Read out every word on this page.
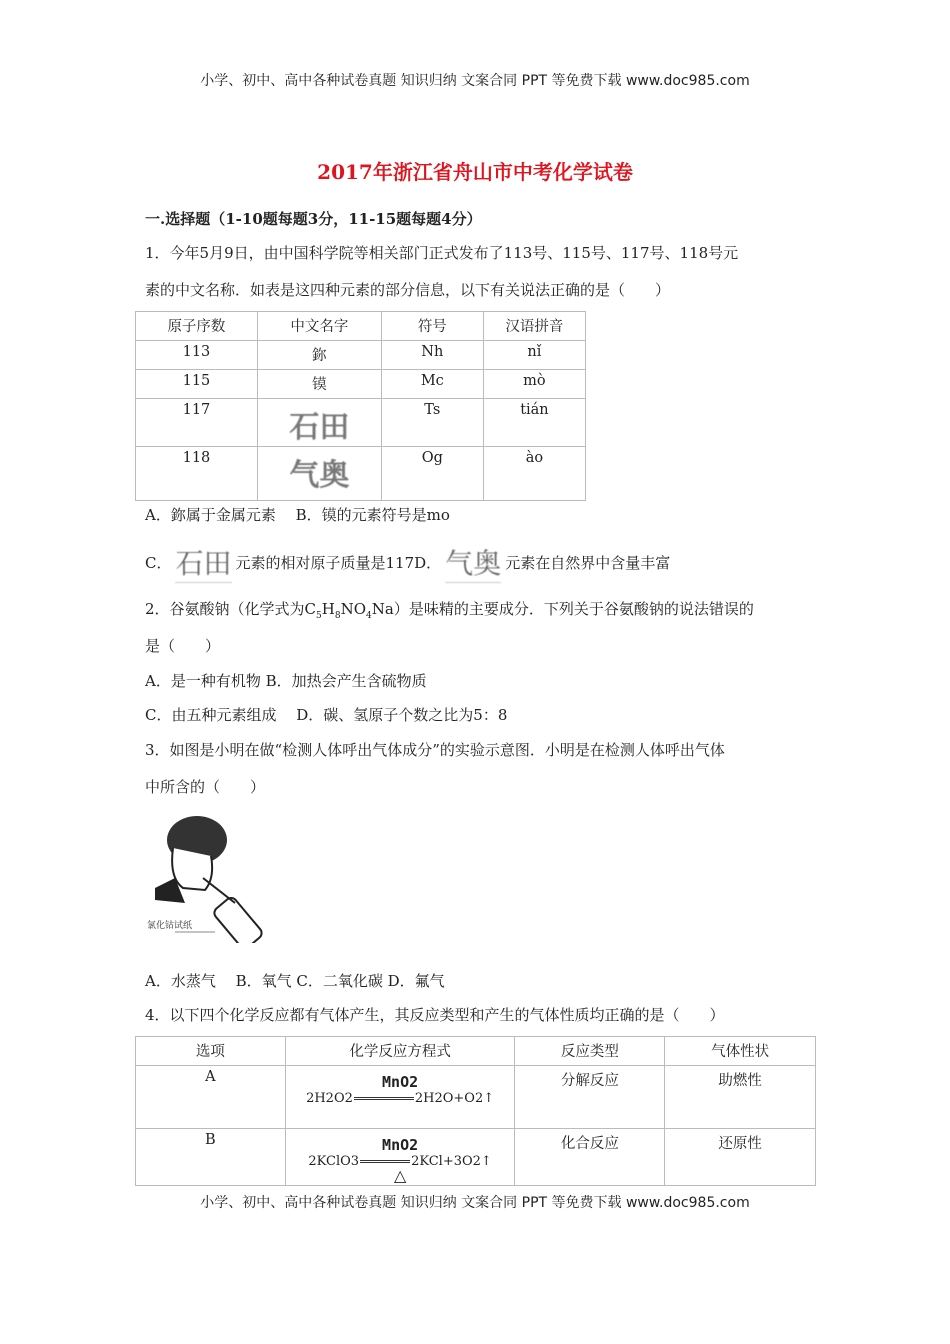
小学、初中、高中各种试卷真题 知识归纳 文案合同 PPT 等免费下载 www.doc985.com
2017年浙江省舟山市中考化学试卷
一.选择题（1-10题每题3分，11-15题每题4分）
1．今年5月9日，由中国科学院等相关部门正式发布了113号、115号、117号、118号元
素的中文名称．如表是这四种元素的部分信息，以下有关说法正确的是（　　）
原子序数	中文名字	符号	汉语拼音
113	鉨	Nh	nǐ
115	镆	Mc	mò
117	石田	Ts	tián
118	气奥	Og	ào
A．鉨属于金属元素　 B．镆的元素符号是mo
C． 石田 元素的相对原子质量是117D． 气奥 元素在自然界中含量丰富
2．谷氨酸钠（化学式为$C_5H_8NO_4Na$）是味精的主要成分．下列关于谷氨酸钠的说法错误的
是（　　）
A．是一种有机物 B．加热会产生含硫物质
C．由五种元素组成　 D．碳、氢原子个数之比为5：8
3．如图是小明在做“检测人体呼出气体成分”的实验示意图．小明是在检测人体呼出气体
中所含的（　　）
氯化钴试纸
A．水蒸气　 B．氧气 C．二氧化碳 D．氟气
4．以下四个化学反应都有气体产生，其反应类型和产生的气体性质均正确的是（　　）
选项	化学反应方程式	反应类型	气体性状
A	MnO2
2H2O2 2H2O+O2↑	分解反应	助燃性
B	MnO2
2KClO3 2KCl+3O2↑
△	化合反应	还原性
小学、初中、高中各种试卷真题 知识归纳 文案合同 PPT 等免费下载 www.doc985.com
